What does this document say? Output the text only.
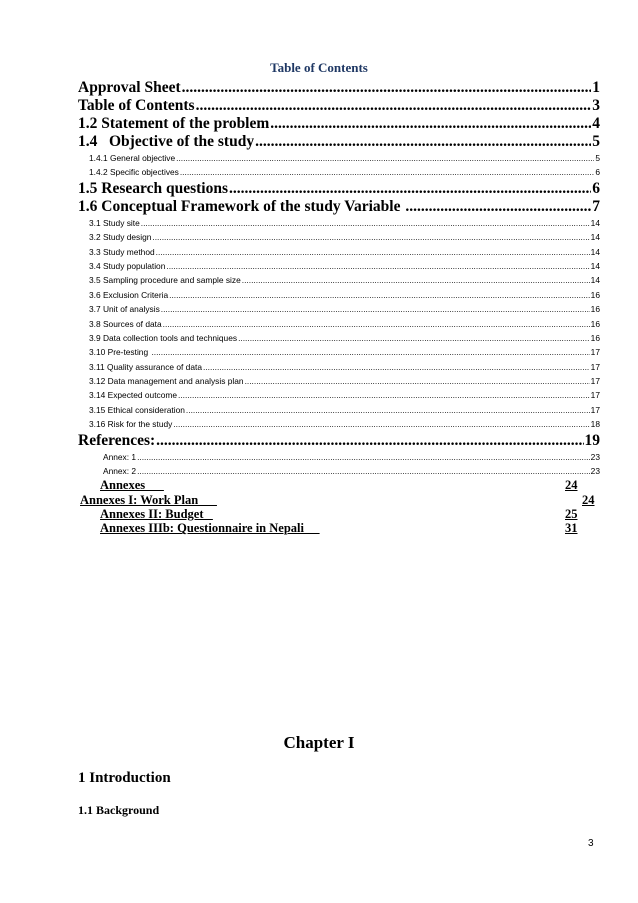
Table of Contents
Approval Sheet .....	1
Table of Contents .....	3
1.2 Statement of the problem .....	4
1.4   Objective of the study .....	5
1.4.1 General objective .....	5
1.4.2 Specific objectives .....	6
1.5 Research questions .....	6
1.6 Conceptual Framework of the study Variable .....	7
3.1 Study site .....	14
3.2 Study design .....	14
3.3 Study method .....	14
3.4 Study population .....	14
3.5 Sampling procedure and sample size .....	14
3.6 Exclusion Criteria .....	16
3.7 Unit of analysis .....	16
3.8 Sources of data .....	16
3.9 Data collection tools and techniques .....	16
3.10 Pre-testing .....	17
3.11 Quality assurance of data .....	17
3.12 Data management and analysis plan .....	17
3.14 Expected outcome .....	17
3.15 Ethical consideration .....	17
3.16 Risk for the study .....	18
References: .....	19
Annex: 1 .....	23
Annex: 2 .....	23
Annexes	24
Annexes I: Work Plan	24
Annexes II: Budget	25
Annexes IIIb: Questionnaire in Nepali	31
Chapter I
1 Introduction
1.1 Background
3
